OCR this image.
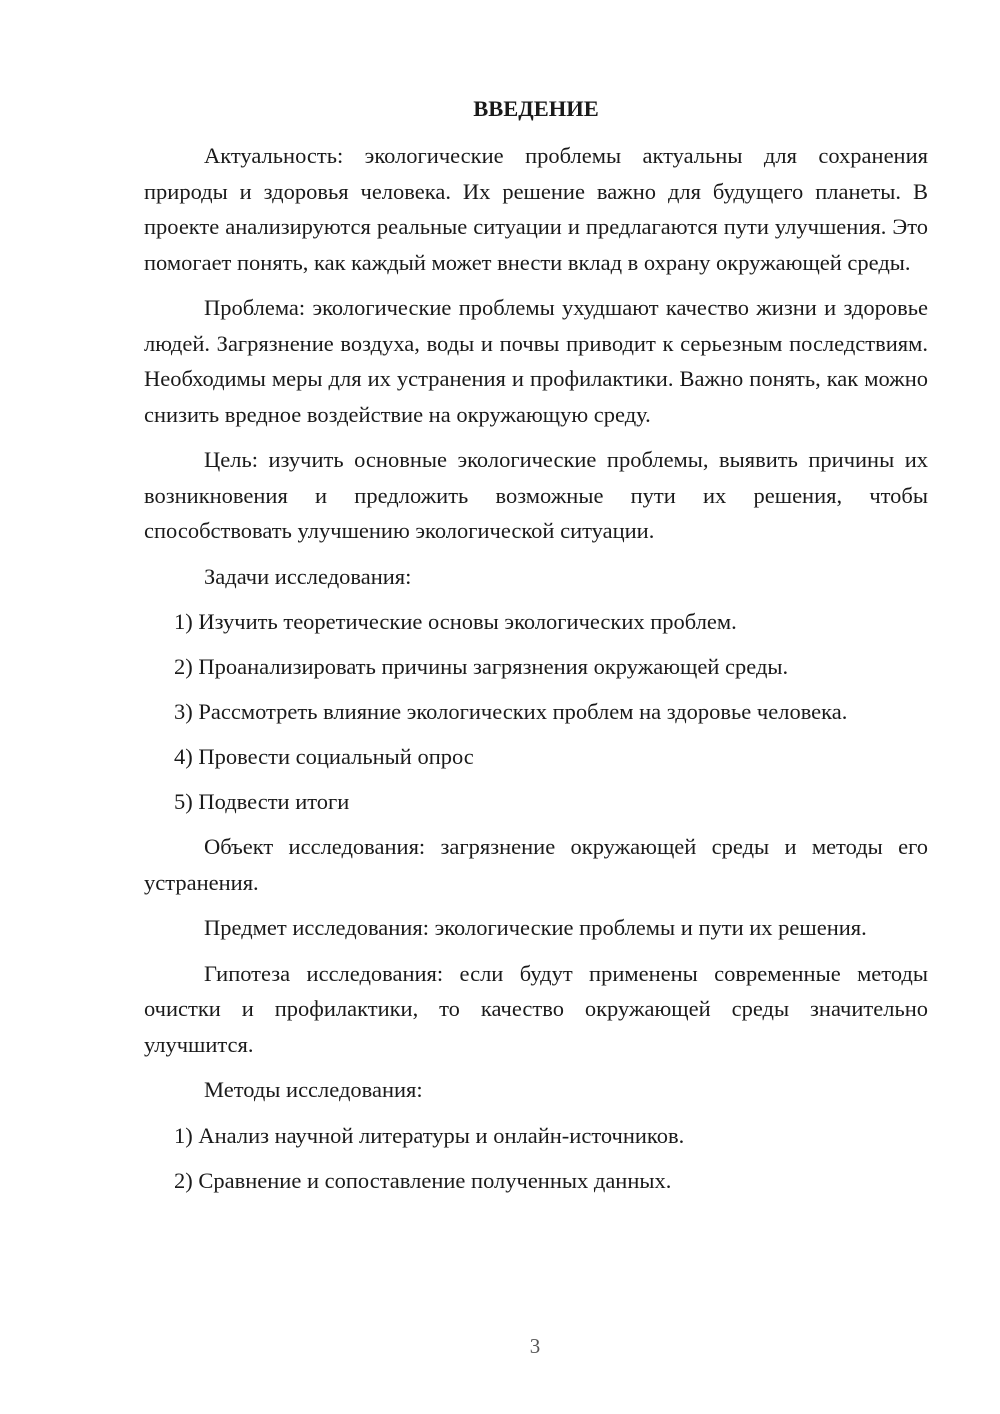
ВВЕДЕНИЕ

Актуальность: экологические проблемы актуальны для сохранения природы и здоровья человека. Их решение важно для будущего планеты. В проекте анализируются реальные ситуации и предлагаются пути улучшения. Это помогает понять, как каждый может внести вклад в охрану окружающей среды.

Проблема: экологические проблемы ухудшают качество жизни и здоровье людей. Загрязнение воздуха, воды и почвы приводит к серьезным последствиям. Необходимы меры для их устранения и профилактики. Важно понять, как можно снизить вредное воздействие на окружающую среду.

Цель: изучить основные экологические проблемы, выявить причины их возникновения и предложить возможные пути их решения, чтобы способствовать улучшению экологической ситуации.

Задачи исследования:

1) Изучить теоретические основы экологических проблем.
2) Проанализировать причины загрязнения окружающей среды.
3) Рассмотреть влияние экологических проблем на здоровье человека.
4) Провести социальный опрос
5) Подвести итоги

Объект исследования: загрязнение окружающей среды и методы его устранения.

Предмет исследования: экологические проблемы и пути их решения.

Гипотеза исследования: если будут применены современные методы очистки и профилактики, то качество окружающей среды значительно улучшится.

Методы исследования:

1) Анализ научной литературы и онлайн-источников.
2) Сравнение и сопоставление полученных данных.
3
